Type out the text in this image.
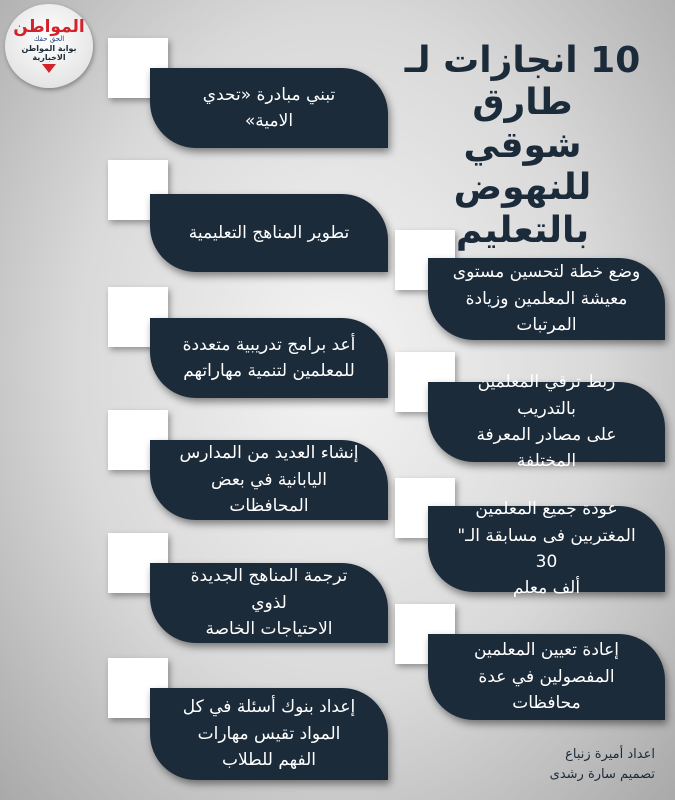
المواطن
الحق حقك
بوابة المواطن
الاخبارية	10 انجازات لـ طارق
شوقي للنهوض
بالتعليم
تبني مبادرة «تحدي
الامية»
تطوير المناهج التعليمية
أعد برامج تدريبية متعددة
للمعلمين لتنمية مهاراتهم
إنشاء العديد من المدارس
اليابانية في بعض المحافظات
ترجمة المناهج الجديدة لذوي
الاحتياجات الخاصة
إعداد بنوك أسئلة في كل
المواد تقيس مهارات
الفهم للطلاب
وضع خطة لتحسين مستوى
معيشة المعلمين وزيادة
المرتبات
ربط ترقي المعلمين بالتدريب
على مصادر المعرفة المختلفة
عودة جميع المعلمين
المغتربين فى مسابقة الـ" 30
ألف معلم
إعادة تعيين المعلمين
المفصولين في عدة
محافظات
اعداد أميرة زنباع
تصميم سارة رشدى
